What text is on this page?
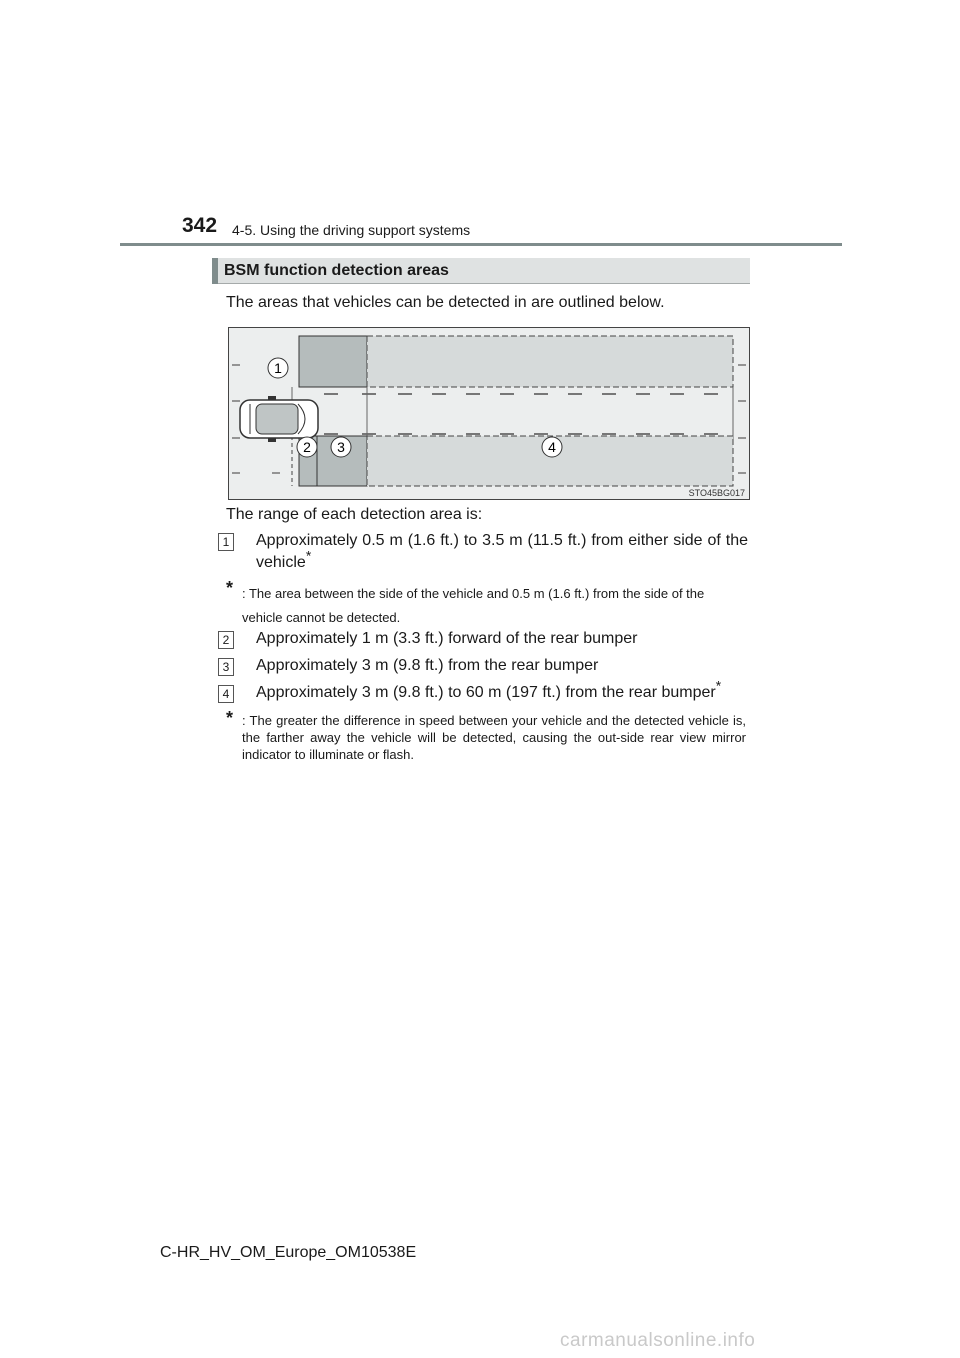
342 4-5. Using the driving support systems
BSM function detection areas
The areas that vehicles can be detected in are outlined below.
1
2 3	4
STO45BG017
The range of each detection area is:
1 Approximately 0.5 m (1.6 ft.) to 3.5 m (11.5 ft.) from either side of the vehicle*
* : The area between the side of the vehicle and 0.5 m (1.6 ft.) from the side of the vehicle cannot be detected.
2 Approximately 1 m (3.3 ft.) forward of the rear bumper
3 Approximately 3 m (9.8 ft.) from the rear bumper
4 Approximately 3 m (9.8 ft.) to 60 m (197 ft.) from the rear bumper*
* : The greater the difference in speed between your vehicle and the detected vehicle is, the farther away the vehicle will be detected, causing the out-side rear view mirror indicator to illuminate or flash.
C-HR_HV_OM_Europe_OM10538E
carmanualsonline.info
